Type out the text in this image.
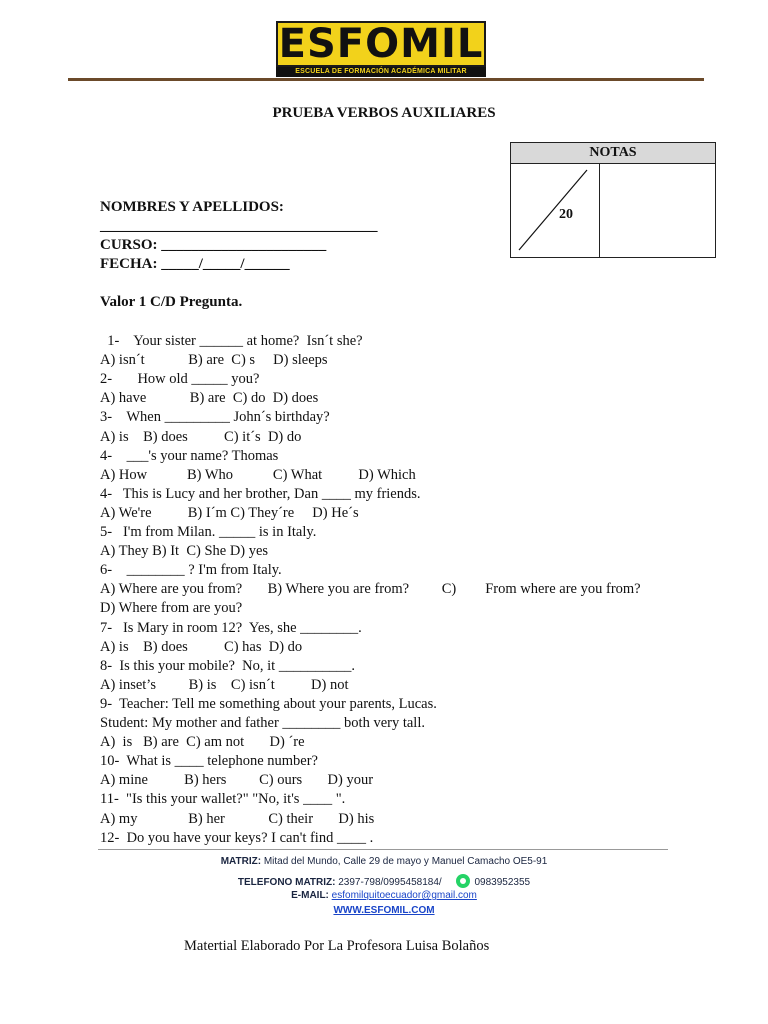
ESFOMIL
ESCUELA DE FORMACIÓN ACADÉMICA MILITAR
PRUEBA VERBOS AUXILIARES
NOTAS
20
NOMBRES Y APELLIDOS:
_____________________________________
CURSO: ______________________
FECHA: _____/_____/______
Valor 1 C/D Pregunta.
1-    Your sister ______ at home?  Isn´t she?
A) isn´t            B) are  C) s     D) sleeps
2-       How old _____ you?
A) have            B) are  C) do  D) does
3-    When _________ John´s birthday?
A) is    B) does          C) it´s  D) do
4-    ___'s your name? Thomas
A) How           B) Who           C) What          D) Which
4-   This is Lucy and her brother, Dan ____ my friends.
A) We're          B) I´m C) They´re     D) He´s
5-   I'm from Milan. _____ is in Italy.
A) They B) It  C) She D) yes
6-    ________ ? I'm from Italy.
A) Where are you from?       B) Where you are from?         C)        From where are you from?
D) Where from are you?
7-   Is Mary in room 12?  Yes, she ________.
A) is    B) does          C) has  D) do
8-  Is this your mobile?  No, it __________.
A) inset’s         B) is    C) isn´t          D) not
9-  Teacher: Tell me something about your parents, Lucas.
Student: My mother and father ________ both very tall.
A)  is   B) are  C) am not       D) ´re
10-  What is ____ telephone number?
A) mine          B) hers         C) ours       D) your
11-  "Is this your wallet?" "No, it's ____ ".
A) my              B) her            C) their       D) his
12-  Do you have your keys? I can't find ____ .
MATRIZ: Mitad del Mundo, Calle 29 de mayo y Manuel Camacho OE5-91
TELEFONO MATRIZ: 2397-798/0995458184/	0983952355
E-MAIL: esfomilquitoecuador@gmail.com
WWW.ESFOMIL.COM
Matertial Elaborado Por La Profesora Luisa Bolaños
